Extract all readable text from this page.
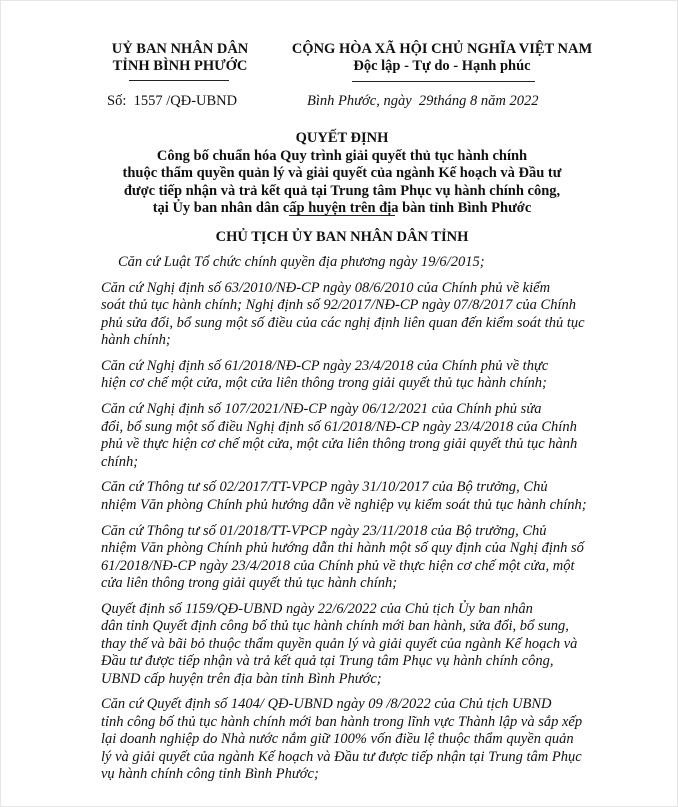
UỶ BAN NHÂN DÂN
TỈNH BÌNH PHƯỚC
CỘNG HÒA XÃ HỘI CHỦ NGHĨA VIỆT NAM
Độc lập - Tự do - Hạnh phúc
Số:  1557 /QĐ-UBND	Bình Phước, ngày  29tháng 8 năm 2022
QUYẾT ĐỊNH
Công bố chuẩn hóa Quy trình giải quyết thủ tục hành chính
thuộc thẩm quyền quản lý và giải quyết của ngành Kế hoạch và Đầu tư
được tiếp nhận và trả kết quả tại Trung tâm Phục vụ hành chính công,
tại Ủy ban nhân dân cấp huyện trên địa bàn tỉnh Bình Phước
CHỦ TỊCH ỦY BAN NHÂN DÂN TỈNH
Căn cứ Luật Tổ chức chính quyền địa phương ngày 19/6/2015;
Căn cứ Nghị định số 63/2010/NĐ-CP ngày 08/6/2010 của Chính phủ về kiểm
soát thủ tục hành chính; Nghị định số 92/2017/NĐ-CP ngày 07/8/2017 của Chính
phủ sửa đổi, bổ sung một số điều của các nghị định liên quan đến kiểm soát thủ tục
hành chính;
Căn cứ Nghị định số 61/2018/NĐ-CP ngày 23/4/2018 của Chính phủ về thực
hiện cơ chế một cửa, một cửa liên thông trong giải quyết thủ tục hành chính;
Căn cứ Nghị định số 107/2021/NĐ-CP ngày 06/12/2021 của Chính phủ sửa
đổi, bổ sung một số điều Nghị định số 61/2018/NĐ-CP ngày 23/4/2018 của Chính
phủ về thực hiện cơ chế một cửa, một cửa liên thông trong giải quyết thủ tục hành
chính;
Căn cứ Thông tư số 02/2017/TT-VPCP ngày 31/10/2017 của Bộ trưởng, Chủ
nhiệm Văn phòng Chính phủ hướng dẫn về nghiệp vụ kiểm soát thủ tục hành chính;
Căn cứ Thông tư số 01/2018/TT-VPCP ngày 23/11/2018 của Bộ trưởng, Chủ
nhiệm Văn phòng Chính phủ hướng dẫn thi hành một số quy định của Nghị định số
61/2018/NĐ-CP ngày 23/4/2018 của Chính phủ về thực hiện cơ chế một cửa, một
cửa liên thông trong giải quyết thủ tục hành chính;
Quyết định số 1159/QĐ-UBND ngày 22/6/2022 của Chủ tịch Ủy ban nhân
dân tỉnh Quyết định công bố thủ tục hành chính mới ban hành, sửa đổi, bổ sung,
thay thế và bãi bỏ thuộc thẩm quyền quản lý và giải quyết của ngành Kế hoạch và
Đầu tư được tiếp nhận và trả kết quả tại Trung tâm Phục vụ hành chính công,
UBND cấp huyện trên địa bàn tỉnh Bình Phước;
Căn cứ Quyết định số 1404/ QĐ-UBND ngày 09 /8/2022 của Chủ tịch UBND
tỉnh công bố thủ tục hành chính mới ban hành trong lĩnh vực Thành lập và sắp xếp
lại doanh nghiệp do Nhà nước nắm giữ 100% vốn điều lệ thuộc thẩm quyền quản
lý và giải quyết của ngành Kế hoạch và Đầu tư được tiếp nhận tại Trung tâm Phục
vụ hành chính công tỉnh Bình Phước;
